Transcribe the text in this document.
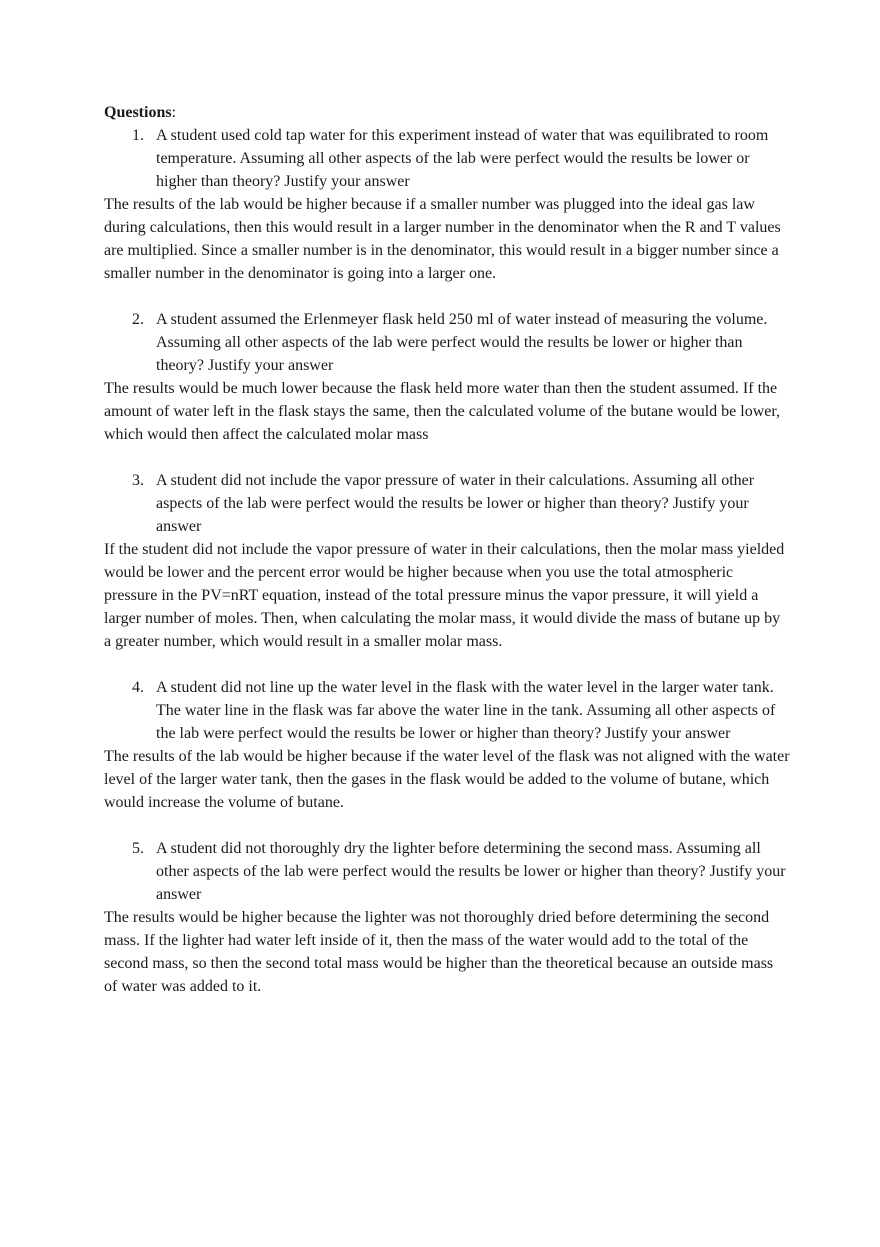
Questions:

1. A student used cold tap water for this experiment instead of water that was equilibrated to room temperature. Assuming all other aspects of the lab were perfect would the results be lower or higher than theory? Justify your answer

The results of the lab would be higher because if a smaller number was plugged into the ideal gas law during calculations, then this would result in a larger number in the denominator when the R and T values are multiplied. Since a smaller number is in the denominator, this would result in a bigger number since a smaller number in the denominator is going into a larger one.

2. A student assumed the Erlenmeyer flask held 250 ml of water instead of measuring the volume. Assuming all other aspects of the lab were perfect would the results be lower or higher than theory? Justify your answer

The results would be much lower because the flask held more water than then the student assumed. If the amount of water left in the flask stays the same, then the calculated volume of the butane would be lower, which would then affect the calculated molar mass

3. A student did not include the vapor pressure of water in their calculations. Assuming all other aspects of the lab were perfect would the results be lower or higher than theory? Justify your answer

If the student did not include the vapor pressure of water in their calculations, then the molar mass yielded would be lower and the percent error would be higher because when you use the total atmospheric pressure in the PV=nRT equation, instead of the total pressure minus the vapor pressure, it will yield a larger number of moles. Then, when calculating the molar mass, it would divide the mass of butane up by a greater number, which would result in a smaller molar mass.

4. A student did not line up the water level in the flask with the water level in the larger water tank. The water line in the flask was far above the water line in the tank. Assuming all other aspects of the lab were perfect would the results be lower or higher than theory? Justify your answer

The results of the lab would be higher because if the water level of the flask was not aligned with the water level of the larger water tank, then the gases in the flask would be added to the volume of butane, which would increase the volume of butane.

5. A student did not thoroughly dry the lighter before determining the second mass. Assuming all other aspects of the lab were perfect would the results be lower or higher than theory? Justify your answer

The results would be higher because the lighter was not thoroughly dried before determining the second mass. If the lighter had water left inside of it, then the mass of the water would add to the total of the second mass, so then the second total mass would be higher than the theoretical because an outside mass of water was added to it.
